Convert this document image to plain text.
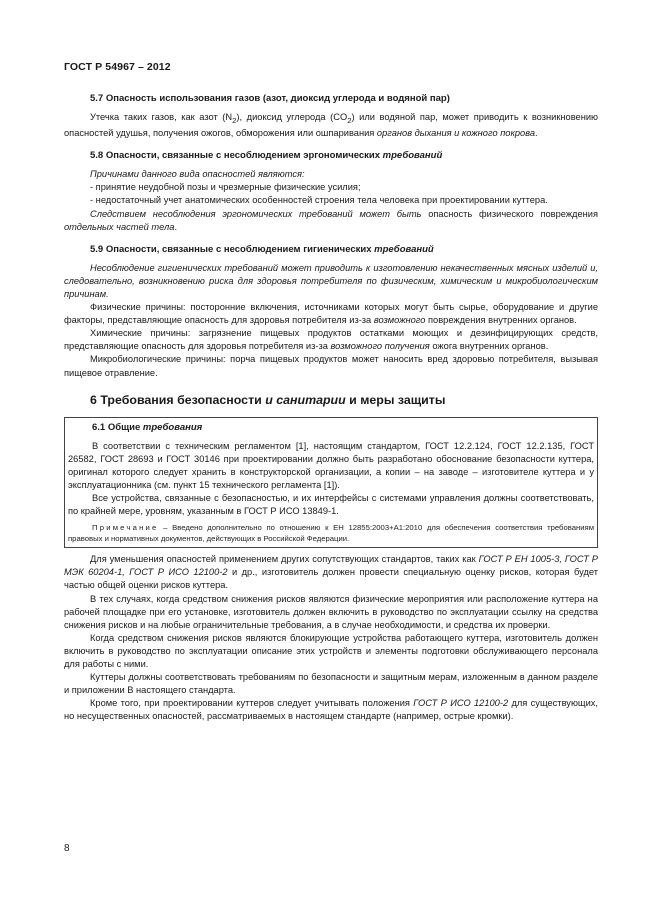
ГОСТ Р 54967 – 2012

5.7 Опасность использования газов (азот, диоксид углерода и водяной пар)

Утечка таких газов, как азот $(N_2)$, диоксид углерода $(CO_2)$ или водяной пар, может приводить к возникновению опасностей удушья, получения ожогов, обморожения или ошпаривания органов дыхания и кожного покрова.

5.8 Опасности, связанные с несоблюдением эргономических требований

Причинами данного вида опасностей являются:

- принятие неудобной позы и чрезмерные физические усилия;

- недостаточный учет анатомических особенностей строения тела человека при проектировании куттера.

Следствием несоблюдения эргономических требований может быть опасность физического повреждения отдельных частей тела.

5.9 Опасности, связанные с несоблюдением гигиенических требований

Несоблюдение гигиенических требований может приводить к изготовлению некачественных мясных изделий и, следовательно, возникновению риска для здоровья потребителя по физическим, химическим и микробиологическим причинам.

Физические причины: посторонние включения, источниками которых могут быть сырье, оборудование и другие факторы, представляющие опасность для здоровья потребителя из-за возможного повреждения внутренних органов.

Химические причины: загрязнение пищевых продуктов остатками моющих и дезинфицирующих средств, представляющие опасность для здоровья потребителя из-за возможного получения ожога внутренних органов.

Микробиологические причины: порча пищевых продуктов может наносить вред здоровью потребителя, вызывая пищевое отравление.

6 Требования безопасности и санитарии и меры защиты

6.1 Общие требования

В соответствии с техническим регламентом [1], настоящим стандартом, ГОСТ 12.2.124, ГОСТ 12.2.135, ГОСТ 26582, ГОСТ 28693 и ГОСТ 30146 при проектировании должно быть разработано обоснование безопасности куттера, оригинал которого следует хранить в конструкторской организации, а копии – на заводе – изготовителе куттера и у эксплуатационника (см. пункт 15 технического регламента [1]).

Все устройства, связанные с безопасностью, и их интерфейсы с системами управления должны соответствовать, по крайней мере, уровням, указанным в ГОСТ Р ИСО 13849-1.

Примечание – Введено дополнительно по отношению к ЕН 12855:2003+А1:2010 для обеспечения соответствия требованиям правовых и нормативных документов, действующих в Российской Федерации.

Для уменьшения опасностей применением других сопутствующих стандартов, таких как ГОСТ Р ЕН 1005-3, ГОСТ Р МЭК 60204-1, ГОСТ Р ИСО 12100-2 и др., изготовитель должен провести специальную оценку рисков, которая будет частью общей оценки рисков куттера.

В тех случаях, когда средством снижения рисков являются физические мероприятия или расположение куттера на рабочей площадке при его установке, изготовитель должен включить в руководство по эксплуатации ссылку на средства снижения рисков и на любые ограничительные требования, а в случае необходимости, и средства их проверки.

Когда средством снижения рисков являются блокирующие устройства работающего куттера, изготовитель должен включить в руководство по эксплуатации описание этих устройств и элементы подготовки обслуживающего персонала для работы с ними.

Куттеры должны соответствовать требованиям по безопасности и защитным мерам, изложенным в данном разделе и приложении В настоящего стандарта.

Кроме того, при проектировании куттеров следует учитывать положения ГОСТ Р ИСО 12100-2 для существующих, но несущественных опасностей, рассматриваемых в настоящем стандарте (например, острые кромки).

8
